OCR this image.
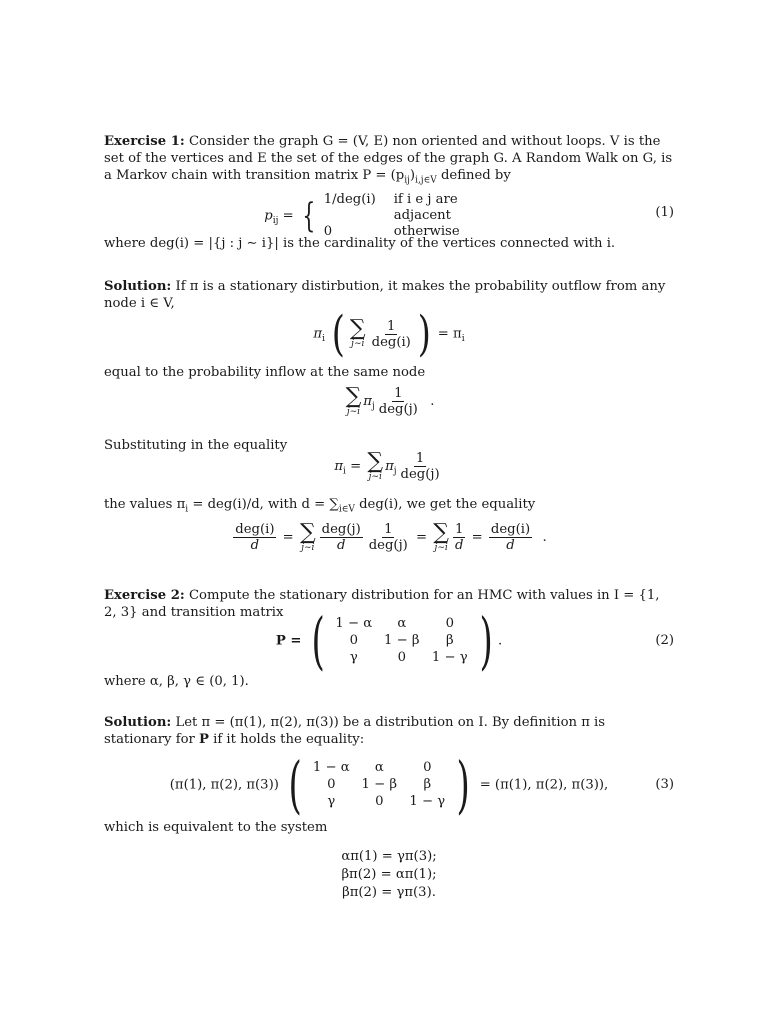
Exercise 1: Consider the graph G = (V, E) non oriented and without loops. V is the set of the vertices and E the set of the edges of the graph G. A Random Walk on G, is a Markov chain with transition matrix $P = (p_{ij})_{i,j\in V}$ defined by
$p_{ij}$ = { 1/deg(i)	if i e j are adjacent
0	otherwise
(1)
where deg(i) = |{j : j ∼ i}| is the cardinality of the vertices connected with i.
Solution: If π is a stationary distirbution, it makes the probability outflow from any node i ∈ V,
$\pi_i$ ( ∑
j∼i $\frac{1}{\text{deg(i)}}$ ) = $\pi_i$
equal to the probability inflow at the same node
∑
j∼i
$\pi_j \frac{1}{\text{deg(j)}}$ .
Substituting in the equality
$\pi_i$ = ∑
j∼i
$\pi_j \frac{1}{\text{deg(j)}}$
the values $\pi_i = deg(i)/d$, with $d = \sum_{i\in V}$ deg(i), we get the equality
$\frac{\text{deg(i)}}{d}$ = ∑
j∼i $\frac{\text{deg(j)}}{d} \frac{1}{\text{deg(j)}}$ = ∑
j∼i $\frac{1}{d} = \frac{\text{deg(i)}}{d}$ .
Exercise 2: Compute the stationary distribution for an HMC with values in I = {1, 2, 3} and transition matrix
P = ( 1 − α	α	0
0	1 − β	β
γ	0	1 − γ ) .	(2)
where α, β, γ ∈ (0, 1).
Solution: Let π = (π(1), π(2), π(3)) be a distribution on I. By definition π is stationary for P if it holds the equality:
(π(1), π(2), π(3)) ( 1 − α	α	0
0	1 − β	β
γ	0	1 − γ ) = (π(1), π(2), π(3)),	(3)
which is equivalent to the system
απ(1) = γπ(3);
βπ(2) = απ(1);
βπ(2) = γπ(3).
